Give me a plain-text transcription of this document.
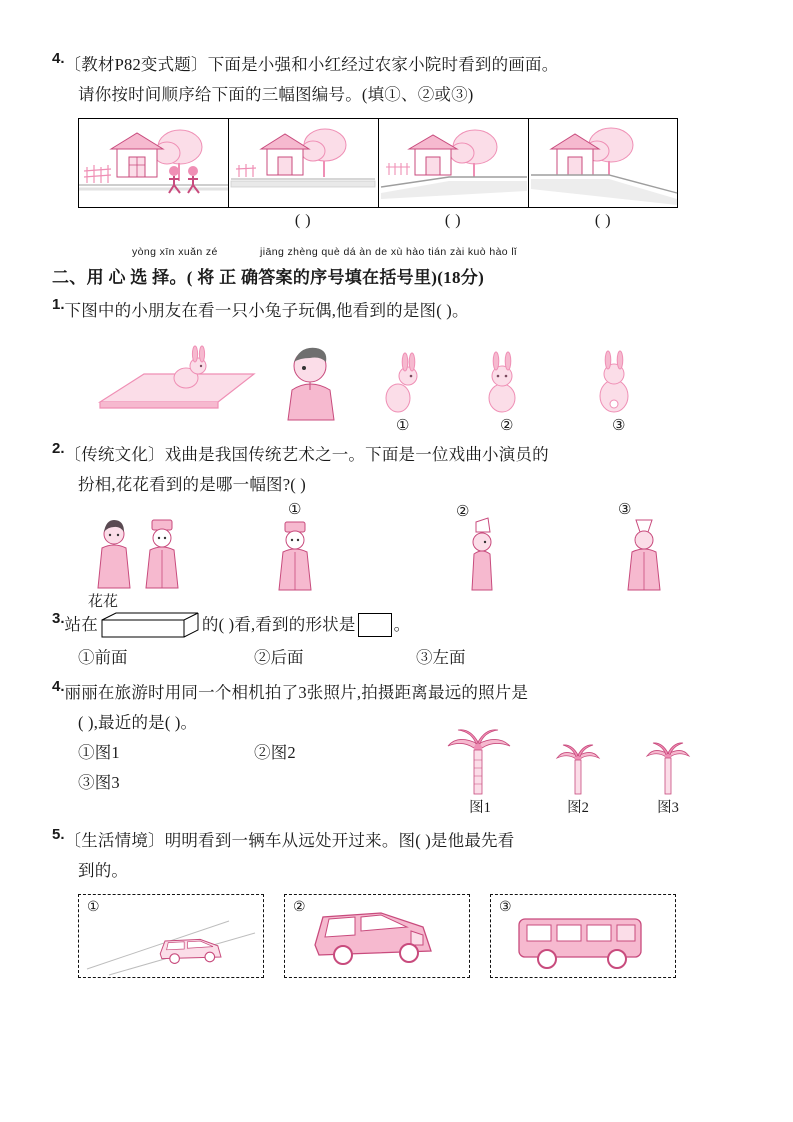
4. 〔教材P82变式题〕下面是小强和小红经过农家小院时看到的画面。
请你按时间顺序给下面的三幅图编号。(填①、②或③)
( )	( )	( )
yòng xīn xuǎn zé	jiāng zhèng què dá àn de xù hào tián zài kuò hào lǐ
二、用 心 选 择。( 将 正 确答案的序号填在括号里)(18分)
1. 下图中的小朋友在看一只小兔子玩偶,他看到的是图( )。
①	②	③
2. 〔传统文化〕戏曲是我国传统艺术之一。下面是一位戏曲小演员的
扮相,花花看到的是哪一幅图?( )
①	②	③
花花
3. 站在	的( )看,看到的形状是 。
①前面	②后面	③左面
4. 丽丽在旅游时用同一个相机拍了3张照片,拍摄距离最远的照片是
( ),最近的是( )。
①图1	②图2
③图3
图1	图2	图3
5. 〔生活情境〕明明看到一辆车从远处开过来。图( )是他最先看
到的。
①	②	③
